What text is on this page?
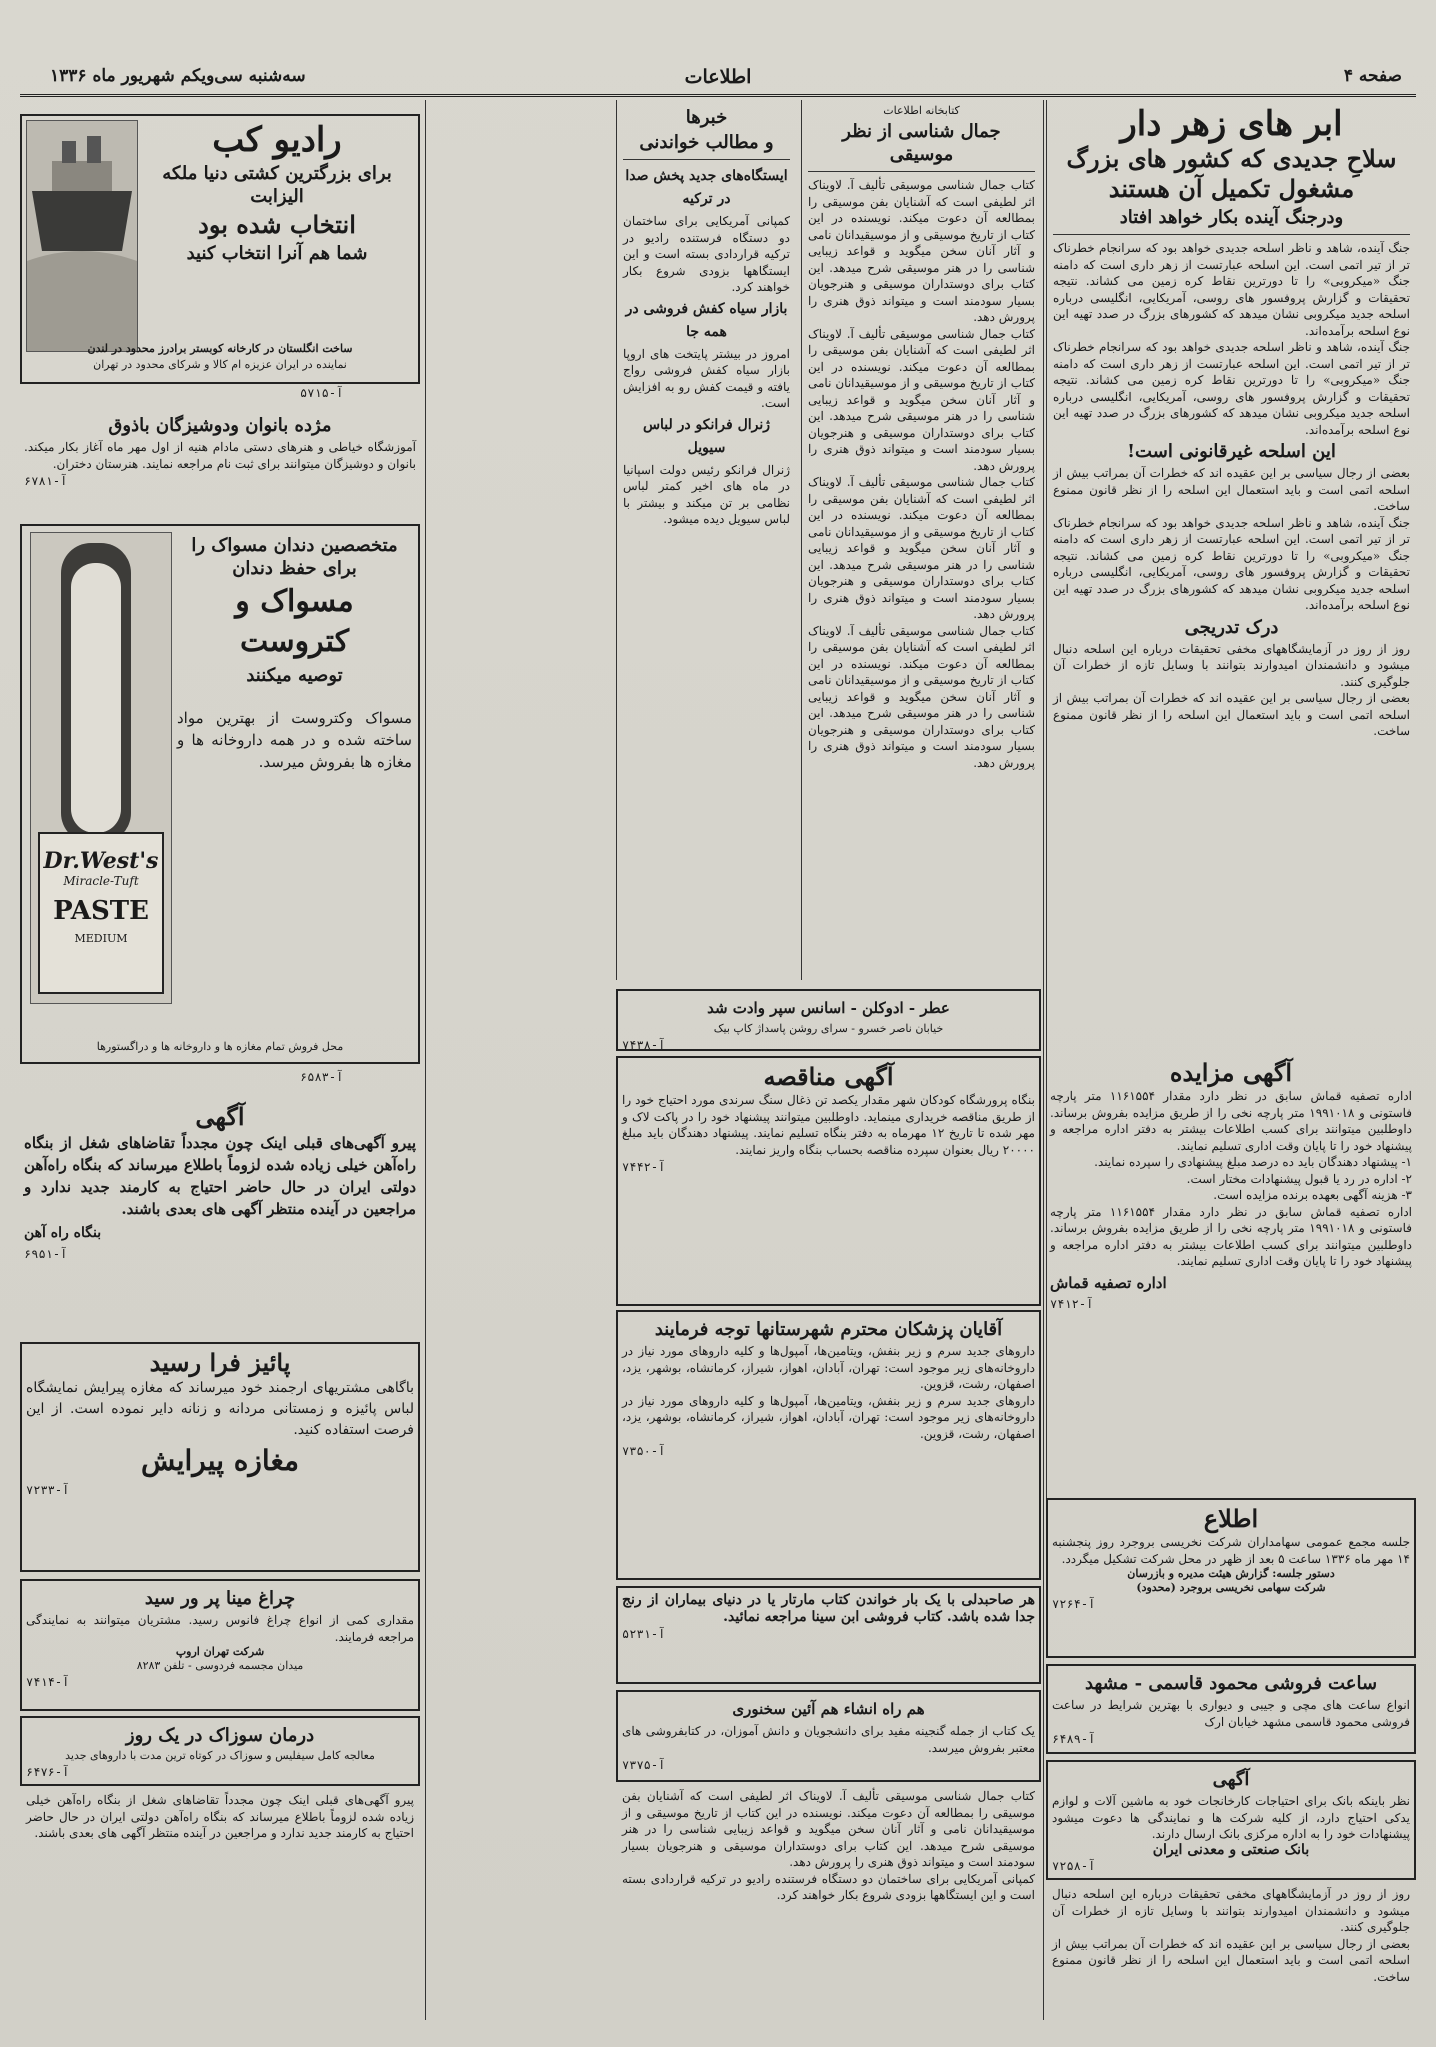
صفحه ۴
اطلاعات
سه‌شنبه سی‌ویکم شهریور ماه ۱۳۳۶

ابر های زهر دار

سلاحِ جدیدی که کشور های بزرگ

مشغول تکمیل آن هستند

ودرجنگ آینده بکار خواهد افتاد

جنگ آینده، شاهد و ناظر اسلحه جدیدی خواهد بود که سرانجام خطرناک تر از تیر اتمی است. این اسلحه عبارتست از زهر داری است که دامنه جنگ «میکروبی» را تا دورترین نقاط کره زمین می کشاند. نتیجه تحقیقات و گزارش پروفسور های روسی، آمریکایی، انگلیسی درباره اسلحه جدید میکروبی نشان میدهد که کشورهای بزرگ در صدد تهیه این نوع اسلحه برآمده‌اند.

جنگ آینده، شاهد و ناظر اسلحه جدیدی خواهد بود که سرانجام خطرناک تر از تیر اتمی است. این اسلحه عبارتست از زهر داری است که دامنه جنگ «میکروبی» را تا دورترین نقاط کره زمین می کشاند. نتیجه تحقیقات و گزارش پروفسور های روسی، آمریکایی، انگلیسی درباره اسلحه جدید میکروبی نشان میدهد که کشورهای بزرگ در صدد تهیه این نوع اسلحه برآمده‌اند.

این اسلحه غیرقانونی است!

بعضی از رجال سیاسی بر این عقیده اند که خطرات آن بمراتب بیش از اسلحه اتمی است و باید استعمال این اسلحه را از نظر قانون ممنوع ساخت.

جنگ آینده، شاهد و ناظر اسلحه جدیدی خواهد بود که سرانجام خطرناک تر از تیر اتمی است. این اسلحه عبارتست از زهر داری است که دامنه جنگ «میکروبی» را تا دورترین نقاط کره زمین می کشاند. نتیجه تحقیقات و گزارش پروفسور های روسی، آمریکایی، انگلیسی درباره اسلحه جدید میکروبی نشان میدهد که کشورهای بزرگ در صدد تهیه این نوع اسلحه برآمده‌اند.

درک تدریجی

روز از روز در آزمایشگاههای مخفی تحقیقات درباره این اسلحه دنبال میشود و دانشمندان امیدوارند بتوانند با وسایل تازه از خطرات آن جلوگیری کنند.

بعضی از رجال سیاسی بر این عقیده اند که خطرات آن بمراتب بیش از اسلحه اتمی است و باید استعمال این اسلحه را از نظر قانون ممنوع ساخت.

کتابخانه اطلاعات

جمال شناسی از نظر موسیقی

کتاب جمال شناسی موسیقی تألیف آ. لاویناک اثر لطیفی است که آشنایان بفن موسیقی را بمطالعه آن دعوت میکند. نویسنده در این کتاب از تاریخ موسیقی و از موسیقیدانان نامی و آثار آنان سخن میگوید و قواعد زیبایی شناسی را در هنر موسیقی شرح میدهد. این کتاب برای دوستداران موسیقی و هنرجویان بسیار سودمند است و میتواند ذوق هنری را پرورش دهد.

کتاب جمال شناسی موسیقی تألیف آ. لاویناک اثر لطیفی است که آشنایان بفن موسیقی را بمطالعه آن دعوت میکند. نویسنده در این کتاب از تاریخ موسیقی و از موسیقیدانان نامی و آثار آنان سخن میگوید و قواعد زیبایی شناسی را در هنر موسیقی شرح میدهد. این کتاب برای دوستداران موسیقی و هنرجویان بسیار سودمند است و میتواند ذوق هنری را پرورش دهد.

کتاب جمال شناسی موسیقی تألیف آ. لاویناک اثر لطیفی است که آشنایان بفن موسیقی را بمطالعه آن دعوت میکند. نویسنده در این کتاب از تاریخ موسیقی و از موسیقیدانان نامی و آثار آنان سخن میگوید و قواعد زیبایی شناسی را در هنر موسیقی شرح میدهد. این کتاب برای دوستداران موسیقی و هنرجویان بسیار سودمند است و میتواند ذوق هنری را پرورش دهد.

کتاب جمال شناسی موسیقی تألیف آ. لاویناک اثر لطیفی است که آشنایان بفن موسیقی را بمطالعه آن دعوت میکند. نویسنده در این کتاب از تاریخ موسیقی و از موسیقیدانان نامی و آثار آنان سخن میگوید و قواعد زیبایی شناسی را در هنر موسیقی شرح میدهد. این کتاب برای دوستداران موسیقی و هنرجویان بسیار سودمند است و میتواند ذوق هنری را پرورش دهد.

خبرها

و مطالب خواندنی

ایستگاه‌های جدید پخش صدا در ترکیه

کمپانی آمریکایی برای ساختمان دو دستگاه فرستنده رادیو در ترکیه قراردادی بسته است و این ایستگاهها بزودی شروع بکار خواهند کرد.

بازار سیاه کفش فروشی در همه جا

امروز در بیشتر پایتخت های اروپا بازار سیاه کفش فروشی رواج یافته و قیمت کفش رو به افزایش است.

ژنرال فرانکو در لباس سیویل

ژنرال فرانکو رئیس دولت اسپانیا در ماه های اخیر کمتر لباس نظامی بر تن میکند و بیشتر با لباس سیویل دیده میشود.

عطر - ادوکلن - اسانس سپر وادت شد

خیابان ناصر خسرو - سرای روشن پاسداژ کاپ بیک

آ-۷۴۳۸

آگهی مناقصه

بنگاه پرورشگاه کودکان شهر مقدار یکصد تن ذغال سنگ سرندی مورد احتیاج خود را از طریق مناقصه خریداری مینماید. داوطلبین میتوانند پیشنهاد خود را در پاکت لاک و مهر شده تا تاریخ ۱۲ مهرماه به دفتر بنگاه تسلیم نمایند. پیشنهاد دهندگان باید مبلغ ۲۰۰۰۰ ریال بعنوان سپرده مناقصه بحساب بنگاه واریز نمایند.

آ-۷۴۴۲

آقایان پزشکان محترم شهرستانها توجه فرمایند

داروهای جدید سرم و زیر بنفش، ویتامین‌ها، آمپول‌ها و کلیه داروهای مورد نیاز در داروخانه‌های زیر موجود است: تهران، آبادان، اهواز، شیراز، کرمانشاه، بوشهر، یزد، اصفهان، رشت، قزوین.

داروهای جدید سرم و زیر بنفش، ویتامین‌ها، آمپول‌ها و کلیه داروهای مورد نیاز در داروخانه‌های زیر موجود است: تهران، آبادان، اهواز، شیراز، کرمانشاه، بوشهر، یزد، اصفهان، رشت، قزوین.

آ-۷۳۵۰

هر صاحبدلی با یک بار خواندن کتاب مارتار یا در دنیای بیماران از رنج جدا شده باشد. کتاب فروشی ابن سینا مراجعه نمائید.

آ-۵۲۳۱

هم راه انشاء هم آئین سخنوری

یک کتاب از جمله گنجینه مفید برای دانشجویان و دانش آموزان، در کتابفروشی های معتبر بفروش میرسد.

آ-۷۳۷۵

آگهی مزایده

اداره تصفیه قماش سابق در نظر دارد مقدار ۱۱۶۱۵۵۴ متر پارچه فاستونی و ۱۹۹۱۰۱۸ متر پارچه نخی را از طریق مزایده بفروش برساند. داوطلبین میتوانند برای کسب اطلاعات بیشتر به دفتر اداره مراجعه و پیشنهاد خود را تا پایان وقت اداری تسلیم نمایند.

۱- پیشنهاد دهندگان باید ده درصد مبلغ پیشنهادی را سپرده نمایند.

۲- اداره در رد یا قبول پیشنهادات مختار است.

۳- هزینه آگهی بعهده برنده مزایده است.

اداره تصفیه قماش سابق در نظر دارد مقدار ۱۱۶۱۵۵۴ متر پارچه فاستونی و ۱۹۹۱۰۱۸ متر پارچه نخی را از طریق مزایده بفروش برساند. داوطلبین میتوانند برای کسب اطلاعات بیشتر به دفتر اداره مراجعه و پیشنهاد خود را تا پایان وقت اداری تسلیم نمایند.

اداره تصفیه قماش

آ-۷۴۱۲

رادیو کب

برای بزرگترین کشتی دنیا ملکه الیزابت

انتخاب شده بود

شما هم آنرا انتخاب کنید

ساخت انگلستان در کارخانه کوبستر برادرز محدود در لندن

نماینده در ایران عزیزه ام کالا و شرکای محدود در تهران

آ-۵۷۱۵

مژده بانوان ودوشیزگان باذوق

آموزشگاه خیاطی و هنرهای دستی مادام هنیه از اول مهر ماه آغاز بکار میکند. بانوان و دوشیزگان میتوانند برای ثبت نام مراجعه نمایند. هنرستان دختران.

آ-۶۷۸۱

Dr.West's
Miracle-Tuft
PASTE
MEDIUM

متخصصین دندان مسواک را برای حفظ دندان

مسواک و کتروست

توصیه میکنند

مسواک وکتروست از بهترین مواد ساخته شده و در همه داروخانه ها و مغازه ها بفروش میرسد.

محل فروش تمام مغازه ها و داروخانه ها و دراگستورها

آ-۶۵۸۳

آگهی

پیرو آگهی‌های قبلی اینک چون مجدداً تقاضاهای شغل از بنگاه راه‌آهن خیلی زیاده شده لزوماً باطلاع میرساند که بنگاه راه‌آهن دولتی ایران در حال حاضر احتیاج به کارمند جدید ندارد و مراجعین در آینده منتظر آگهی های بعدی باشند.

بنگاه راه آهن

آ-۶۹۵۱

پائیز فرا رسید

باگاهی مشتریهای ارجمند خود میرساند که مغازه پیرایش نمایشگاه لباس پائیزه و زمستانی مردانه و زنانه دایر نموده است. از این فرصت استفاده کنید.

مغازه پیرایش

آ-۷۲۳۳

چراغ مینا پر ور سید

مقداری کمی از انواع چراغ فانوس رسید. مشتریان میتوانند به نمایندگی مراجعه فرمایند.

شرکت تهران اروپ

میدان مجسمه فردوسی - تلفن ۸۲۸۳

آ-۷۴۱۴

درمان سوزاک در یک روز

معالجه کامل سیفلیس و سوزاک در کوتاه ترین مدت با داروهای جدید

آ-۶۴۷۶

اطلاع

جلسه مجمع عمومی سهامداران شرکت نخریسی بروجرد روز پنجشنبه ۱۴ مهر ماه ۱۳۳۶ ساعت ۵ بعد از ظهر در محل شرکت تشکیل میگردد.

دستور جلسه: گزارش هیئت مدیره و بازرسان

شرکت سهامی نخریسی بروجرد (محدود)

آ-۷۲۶۴

ساعت فروشی محمود قاسمی - مشهد

انواع ساعت های مچی و جیبی و دیواری با بهترین شرایط در ساعت فروشی محمود قاسمی مشهد خیابان ارک

آ-۶۴۸۹

آگهی

نظر باینکه بانک برای احتیاجات کارخانجات خود به ماشین آلات و لوازم یدکی احتیاج دارد، از کلیه شرکت ها و نمایندگی ها دعوت میشود پیشنهادات خود را به اداره مرکزی بانک ارسال دارند.

بانک صنعتی و معدنی ایران

آ-۷۲۵۸

روز از روز در آزمایشگاههای مخفی تحقیقات درباره این اسلحه دنبال میشود و دانشمندان امیدوارند بتوانند با وسایل تازه از خطرات آن جلوگیری کنند.

بعضی از رجال سیاسی بر این عقیده اند که خطرات آن بمراتب بیش از اسلحه اتمی است و باید استعمال این اسلحه را از نظر قانون ممنوع ساخت.

کتاب جمال شناسی موسیقی تألیف آ. لاویناک اثر لطیفی است که آشنایان بفن موسیقی را بمطالعه آن دعوت میکند. نویسنده در این کتاب از تاریخ موسیقی و از موسیقیدانان نامی و آثار آنان سخن میگوید و قواعد زیبایی شناسی را در هنر موسیقی شرح میدهد. این کتاب برای دوستداران موسیقی و هنرجویان بسیار سودمند است و میتواند ذوق هنری را پرورش دهد.

کمپانی آمریکایی برای ساختمان دو دستگاه فرستنده رادیو در ترکیه قراردادی بسته است و این ایستگاهها بزودی شروع بکار خواهند کرد.

پیرو آگهی‌های قبلی اینک چون مجدداً تقاضاهای شغل از بنگاه راه‌آهن خیلی زیاده شده لزوماً باطلاع میرساند که بنگاه راه‌آهن دولتی ایران در حال حاضر احتیاج به کارمند جدید ندارد و مراجعین در آینده منتظر آگهی های بعدی باشند.
